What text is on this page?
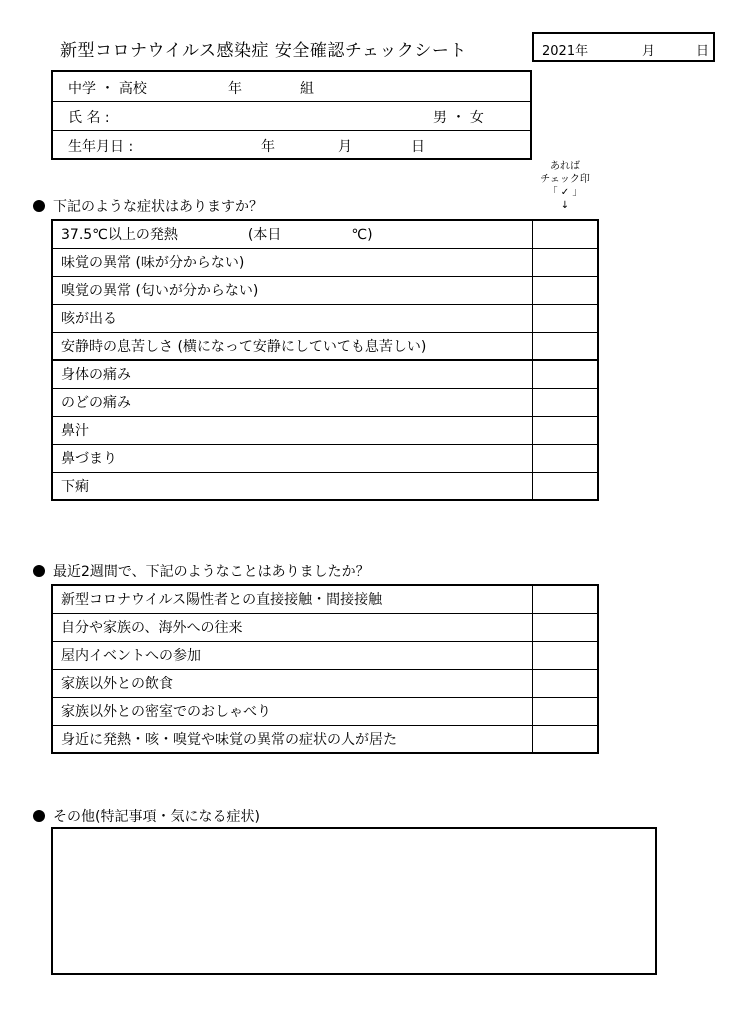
新型コロナウイルス感染症 安全確認チェックシート	2021年	月	日
中学 ・ 高校	年	組
氏 名 :	男 ・ 女
生年月日 :	年	月	日
あれば
チェック印
「 ✓ 」
↓
下記のような症状はありますか？
37.5℃以上の発熱　　　　　(本日　　　　　℃)	
味覚の異常 (味が分からない)	
嗅覚の異常 (匂いが分からない)	
咳が出る	
安静時の息苦しさ (横になって安静にしていても息苦しい)	
身体の痛み	
のどの痛み	
鼻汁	
鼻づまり	
下痢	
最近2週間で、下記のようなことはありましたか？
新型コロナウイルス陽性者との直接接触・間接接触	
自分や家族の、海外への往来	
屋内イベントへの参加	
家族以外との飲食	
家族以外との密室でのおしゃべり	
身近に発熱・咳・嗅覚や味覚の異常の症状の人が居た	
その他(特記事項・気になる症状)
